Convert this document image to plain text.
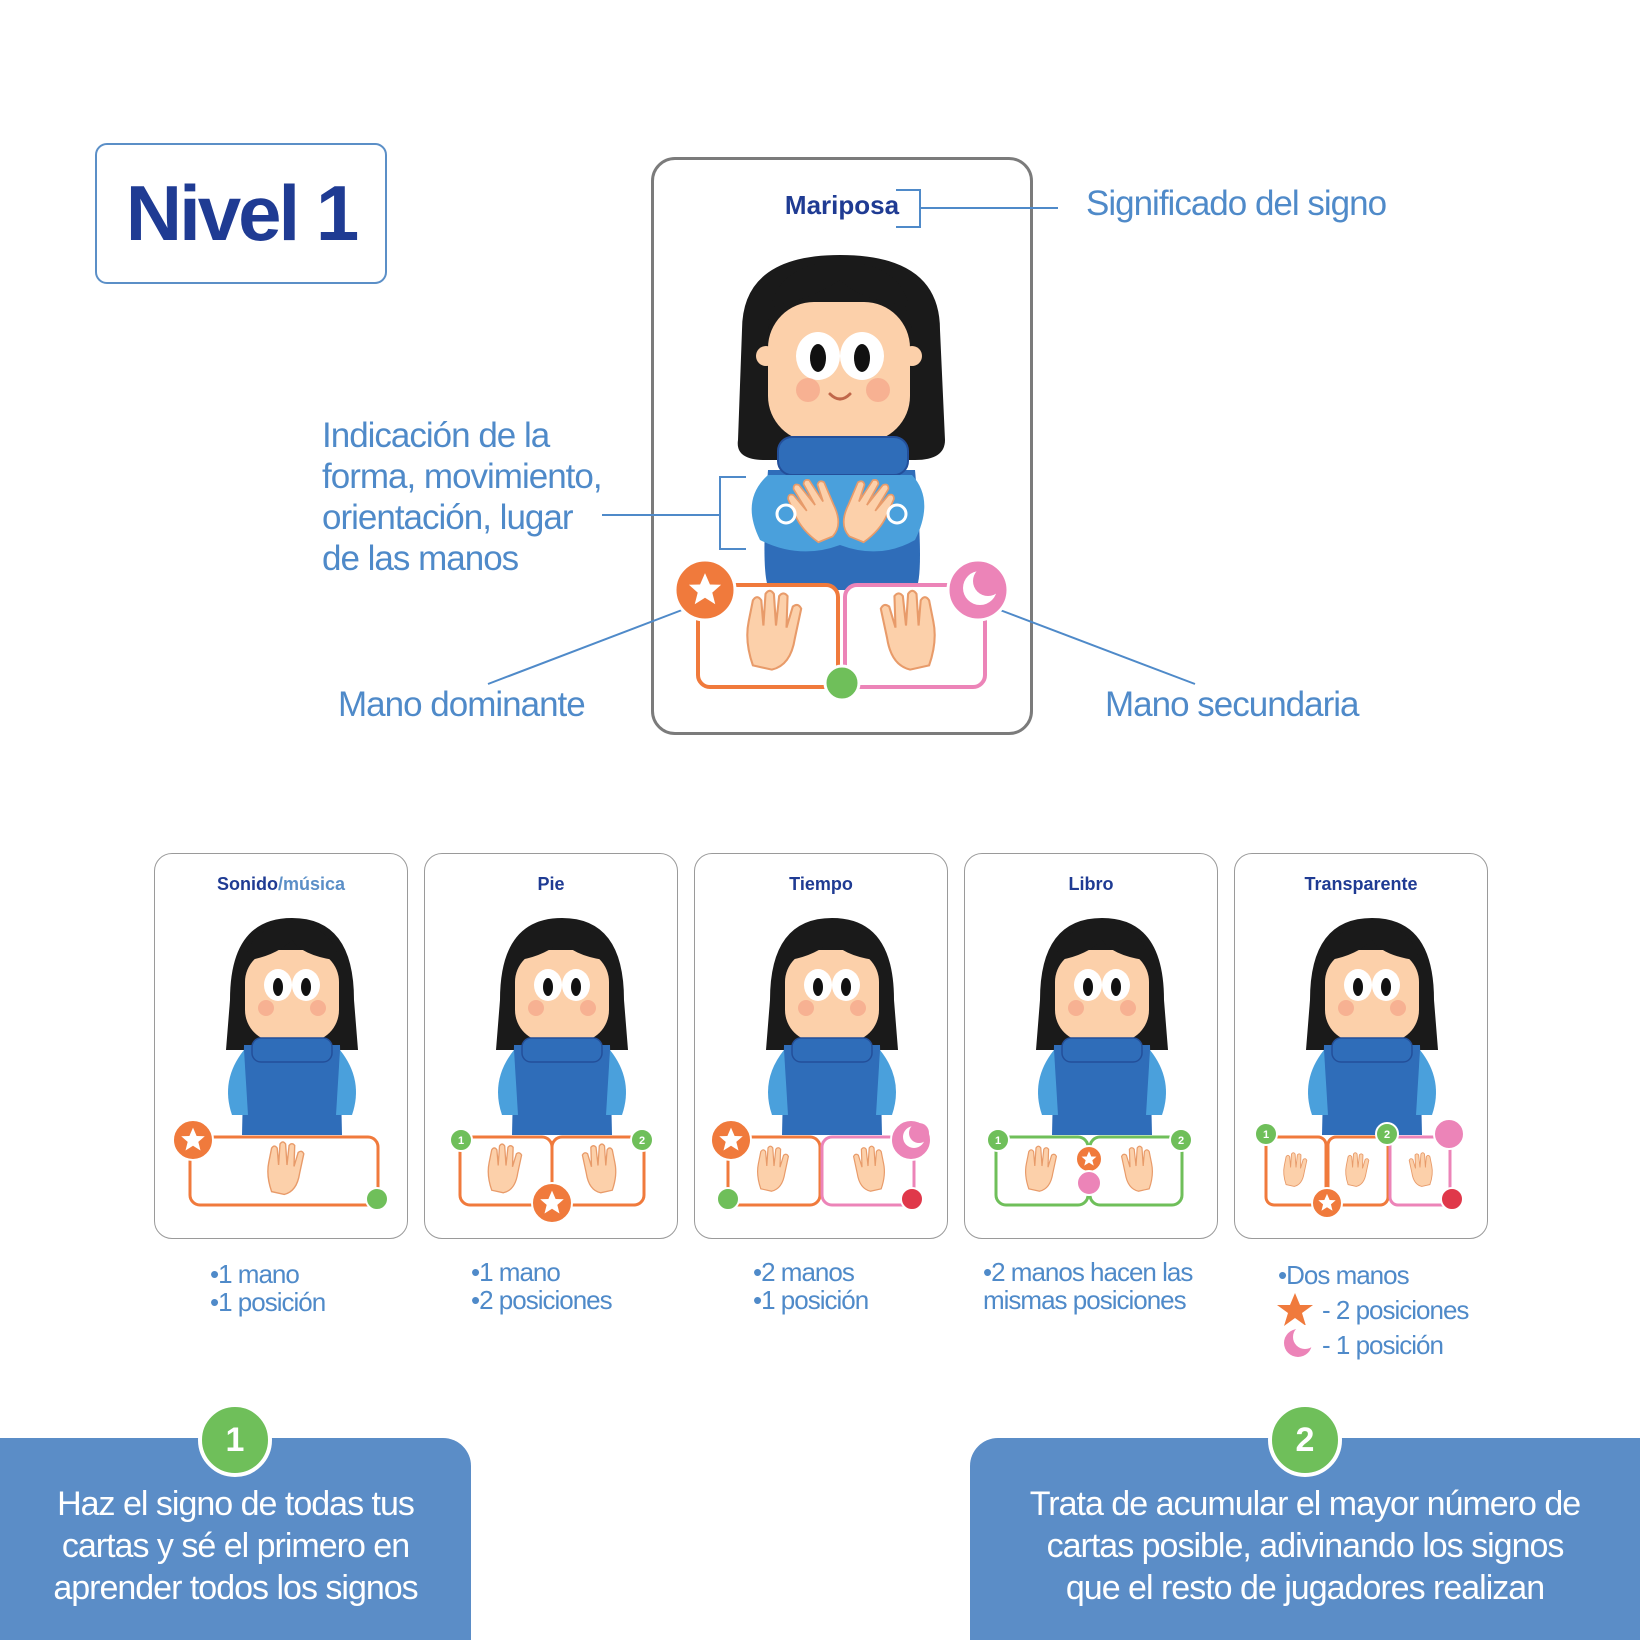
Nivel 1	Mariposa	Significado del signo
Indicación de la
forma, movimiento,
orientación, lugar
de las manos
Mano dominante	Mano secundaria
1	2	1	2	1	2
Sonido/música	Pie	Tiempo	Libro	Transparente
•1 mano
•1 posición
•1 mano
•2 posiciones
•2 manos
•1 posición
•2 manos hacen las
mismas posiciones
•Dos manos
- 2 posiciones
- 1 posición
Haz el signo de todas tus
cartas y sé el primero en
aprender todos los signos
Trata de acumular el mayor número de
cartas posible, adivinando los signos
que el resto de jugadores realizan
1	2
